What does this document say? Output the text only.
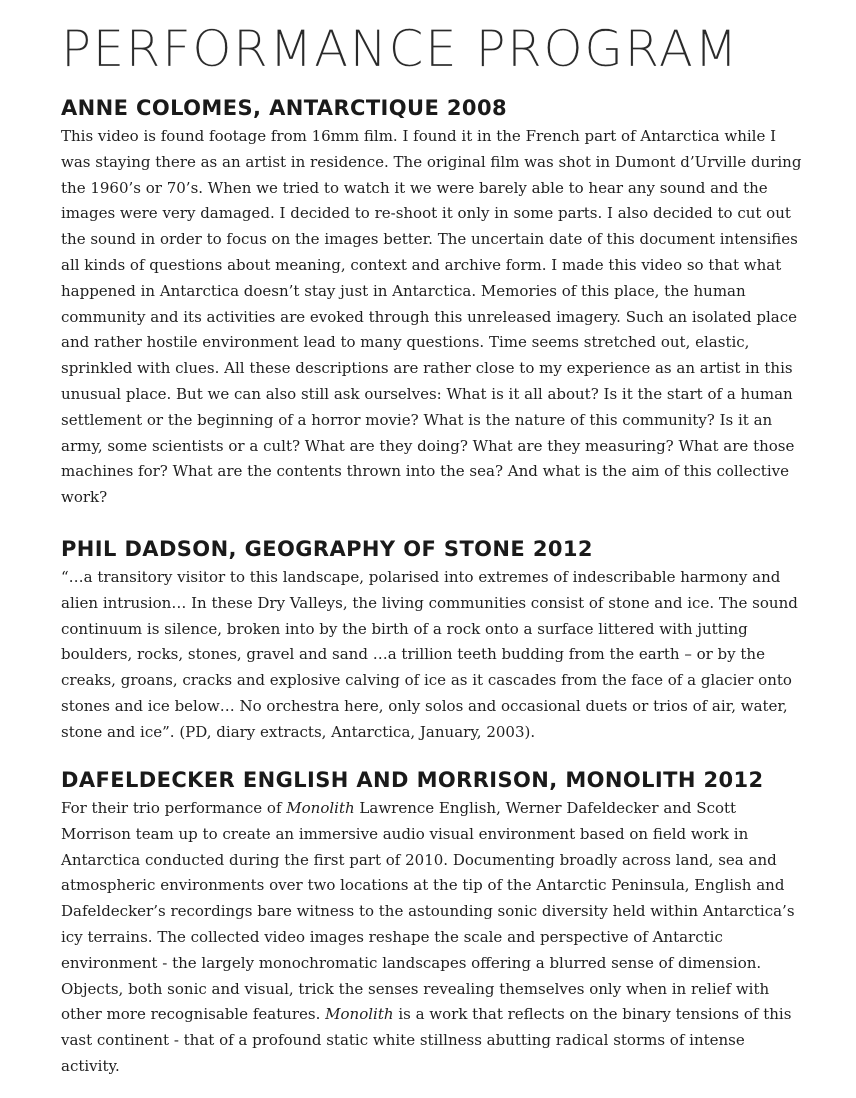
PERFORMANCE PROGRAM
ANNE COLOMES, ANTARCTIQUE 2008

This video is found footage from 16mm film. I found it in the French part of Antarctica while I was staying there as an artist in residence. The original film was shot in Dumont d’Urville during the 1960’s or 70’s. When we tried to watch it we were barely able to hear any sound and the images were very damaged. I decided to re-shoot it only in some parts. I also decided to cut out the sound in order to focus on the images better. The uncertain date of this document intensifies all kinds of questions about meaning, context and archive form. I made this video so that what happened in Antarctica doesn’t stay just in Antarctica. Memories of this place, the human community and its activities are evoked through this unreleased imagery. Such an isolated place and rather hostile environment lead to many questions. Time seems stretched out, elastic, sprinkled with clues. All these descriptions are rather close to my experience as an artist in this unusual place. But we can also still ask ourselves: What is it all about? Is it the start of a human settlement or the beginning of a horror movie? What is the nature of this community? Is it an army, some scientists or a cult? What are they doing? What are they measuring? What are those machines for? What are the contents thrown into the sea? And what is the aim of this collective work?

PHIL DADSON, GEOGRAPHY OF STONE 2012

“…a transitory visitor to this landscape, polarised into extremes of indescribable harmony and alien intrusion… In these Dry Valleys, the living communities consist of stone and ice. The sound continuum is silence, broken into by the birth of a rock onto a surface littered with jutting boulders, rocks, stones, gravel and sand …a trillion teeth budding from the earth – or by the creaks, groans, cracks and explosive calving of ice as it cascades from the face of a glacier onto stones and ice below… No orchestra here, only solos and occasional duets or trios of air, water, stone and ice”. (PD, diary extracts, Antarctica, January, 2003).

DAFELDECKER ENGLISH AND MORRISON, MONOLITH 2012

For their trio performance of Monolith Lawrence English, Werner Dafeldecker and Scott Morrison team up to create an immersive audio visual environment based on field work in Antarctica conducted during the first part of 2010. Documenting broadly across land, sea and atmospheric environments over two locations at the tip of the Antarctic Peninsula, English and Dafeldecker’s recordings bare witness to the astounding sonic diversity held within Antarctica’s icy terrains. The collected video images reshape the scale and perspective of Antarctic environment - the largely monochromatic landscapes offering a blurred sense of dimension. Objects, both sonic and visual, trick the senses revealing themselves only when in relief with other more recognisable features. Monolith is a work that reflects on the binary tensions of this vast continent - that of a profound static white stillness abutting radical storms of intense activity.
